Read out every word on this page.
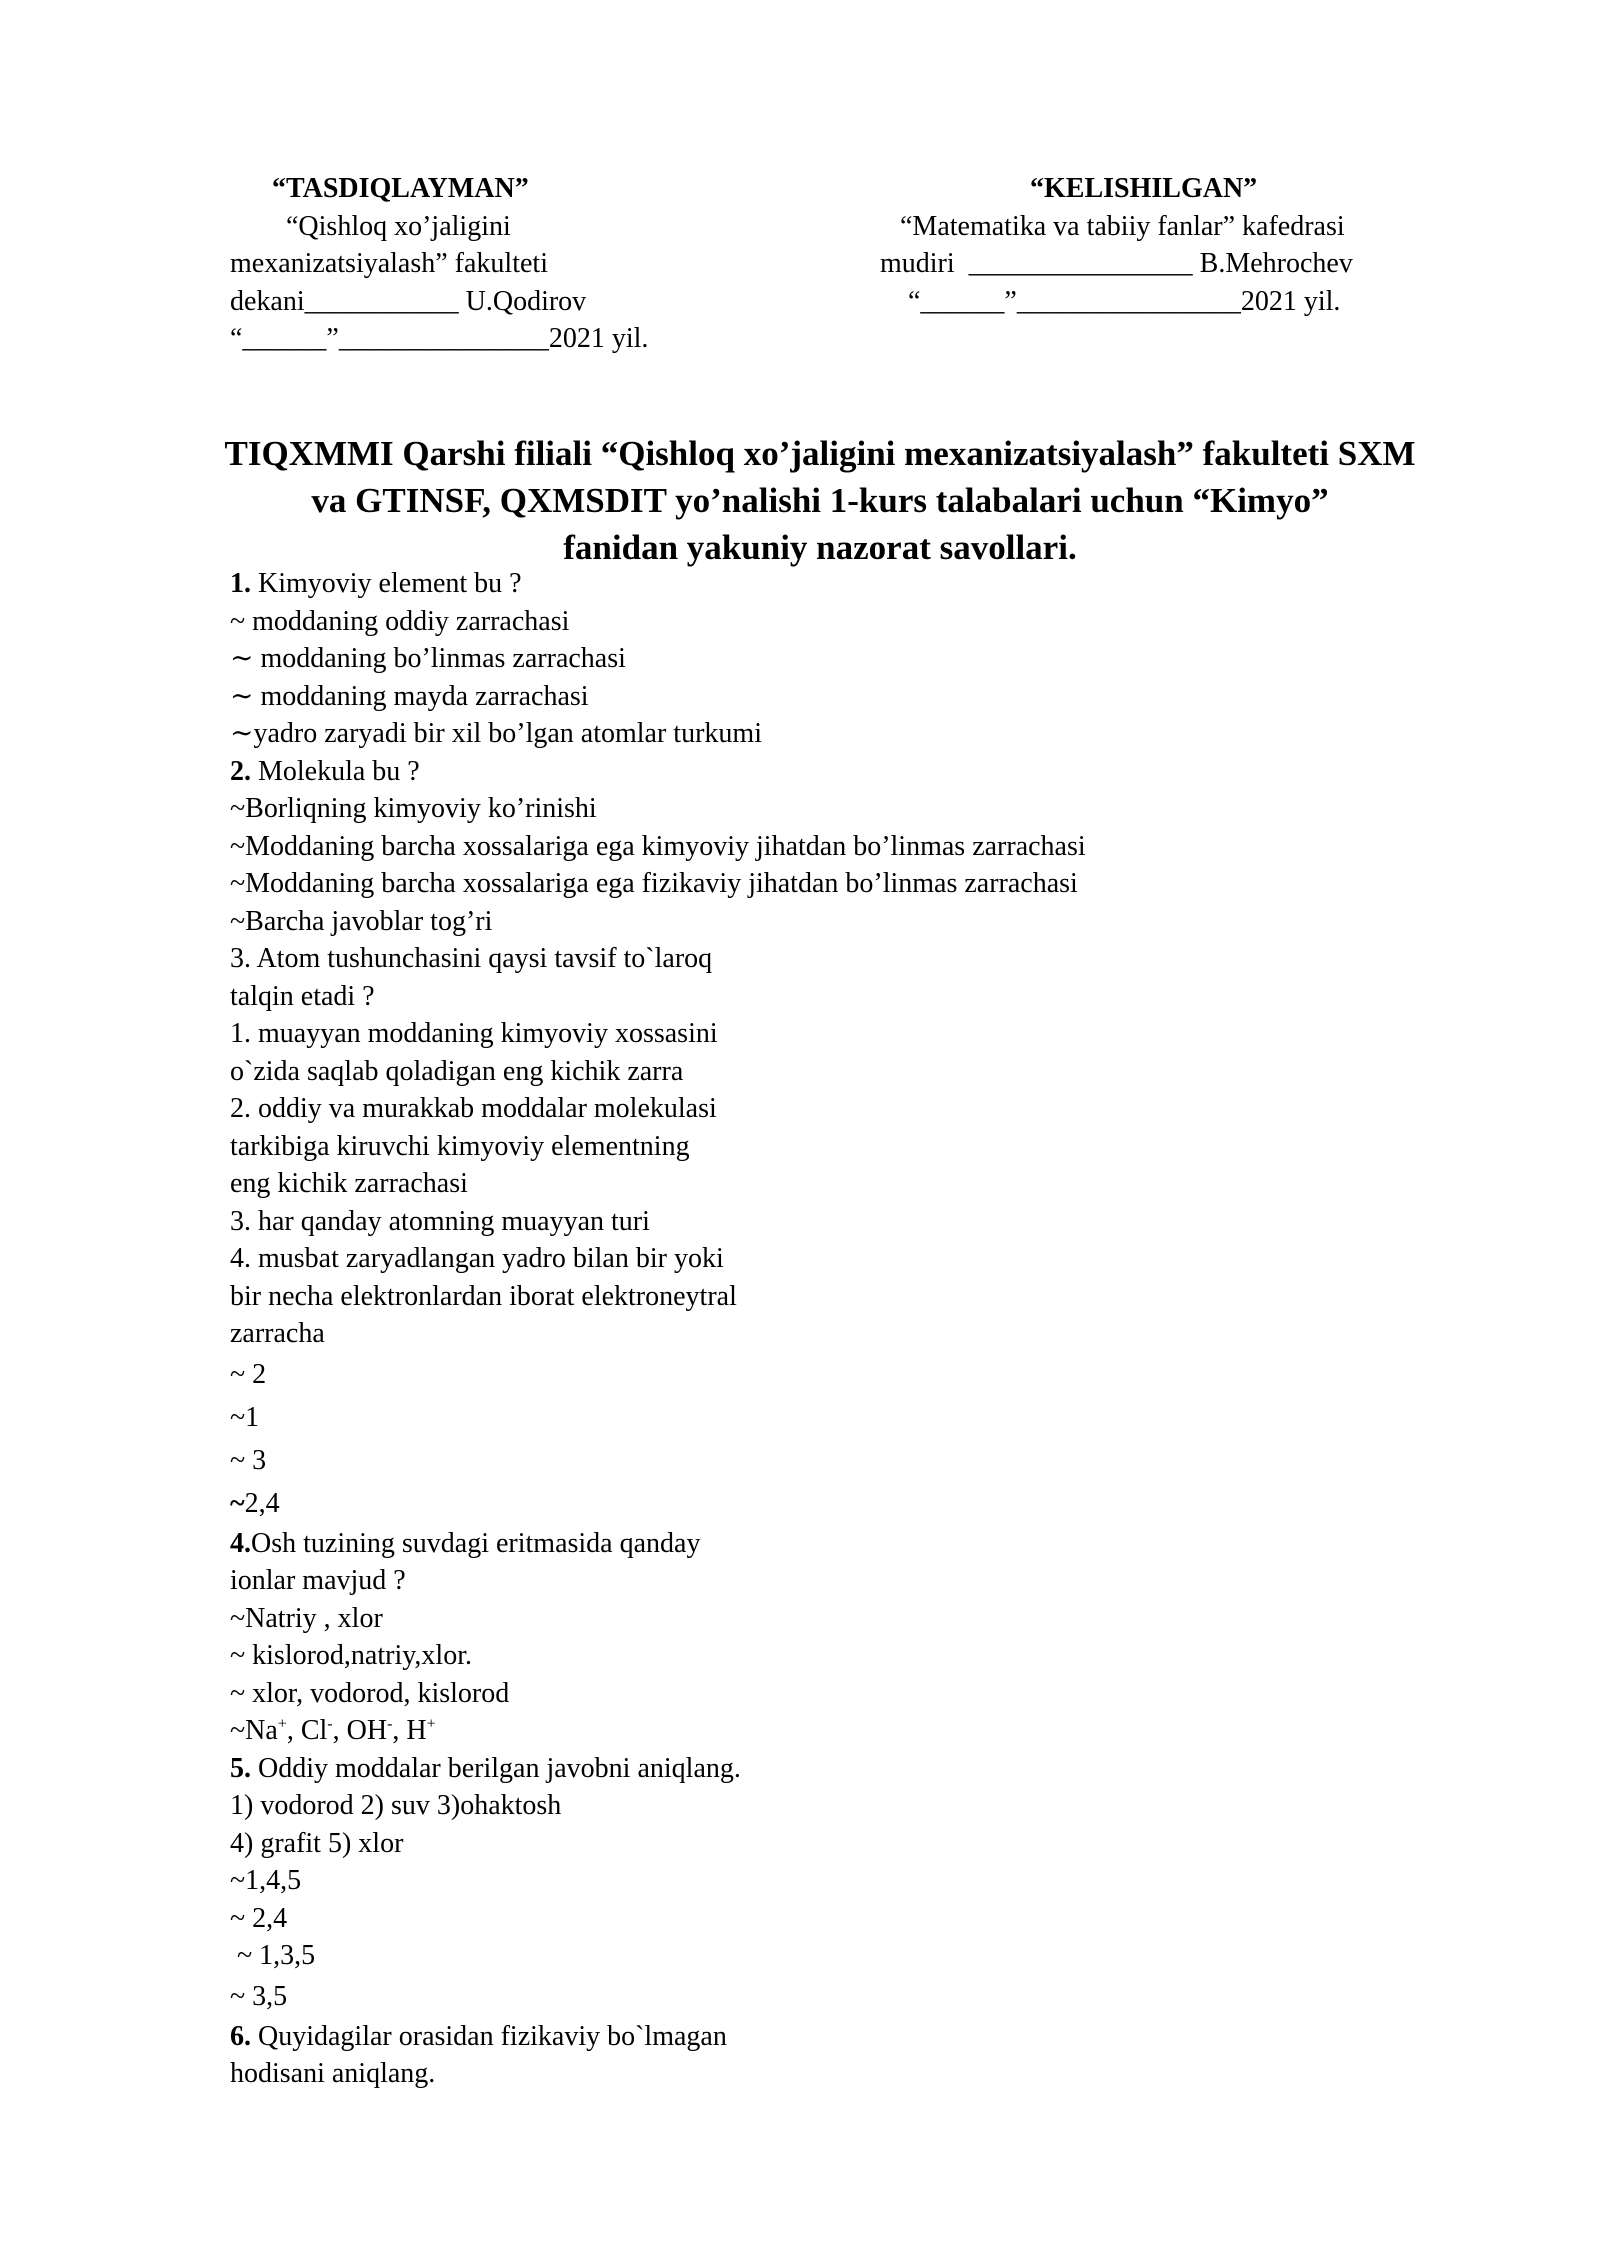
“TASDIQLAYMAN”
“Qishloq xo’jaligini
mexanizatsiyalash” fakulteti
dekani___________ U.Qodirov
“______”_______________2021 yil.
“KELISHILGAN”
“Matematika va tabiiy fanlar” kafedrasi
mudiri  ________________ B.Mehrochev
“______”________________2021 yil.
TIQXMMI Qarshi filiali “Qishloq xo’jaligini mexanizatsiyalash” fakulteti SXM
va GTINSF, QXMSDIT yo’nalishi 1-kurs talabalari uchun “Kimyo”
fanidan yakuniy nazorat savollari.
1. Kimyoviy element bu ?
~ moddaning oddiy zarrachasi
∼ moddaning bo’linmas zarrachasi
∼ moddaning mayda zarrachasi
∼yadro zaryadi bir xil bo’lgan atomlar turkumi
2. Molekula bu ?
~Borliqning kimyoviy ko’rinishi
~Moddaning barcha xossalariga ega kimyoviy jihatdan bo’linmas zarrachasi
~Moddaning barcha xossalariga ega fizikaviy jihatdan bo’linmas zarrachasi
~Barcha javoblar tog’ri
3. Atom tushunchasini qaysi tavsif to`laroq
talqin etadi ?
1. muayyan moddaning kimyoviy xossasini
o`zida saqlab qoladigan eng kichik zarra
2. oddiy va murakkab moddalar molekulasi
tarkibiga kiruvchi kimyoviy elementning
eng kichik zarrachasi
3. har qanday atomning muayyan turi
4. musbat zaryadlangan yadro bilan bir yoki
bir necha elektronlardan iborat elektroneytral
zarracha
~ 2
~1
~ 3
~2,4
4.Osh tuzining suvdagi eritmasida qanday
ionlar mavjud ?
~Natriy , xlor
~ kislorod,natriy,xlor.
~ xlor, vodorod, kislorod
~Na+, Cl-, OH-, H+
5. Oddiy moddalar berilgan javobni aniqlang.
1) vodorod 2) suv 3)ohaktosh
4) grafit 5) xlor
~1,4,5
~ 2,4
~ 1,3,5
~ 3,5
6. Quyidagilar orasidan fizikaviy bo`lmagan
hodisani aniqlang.
